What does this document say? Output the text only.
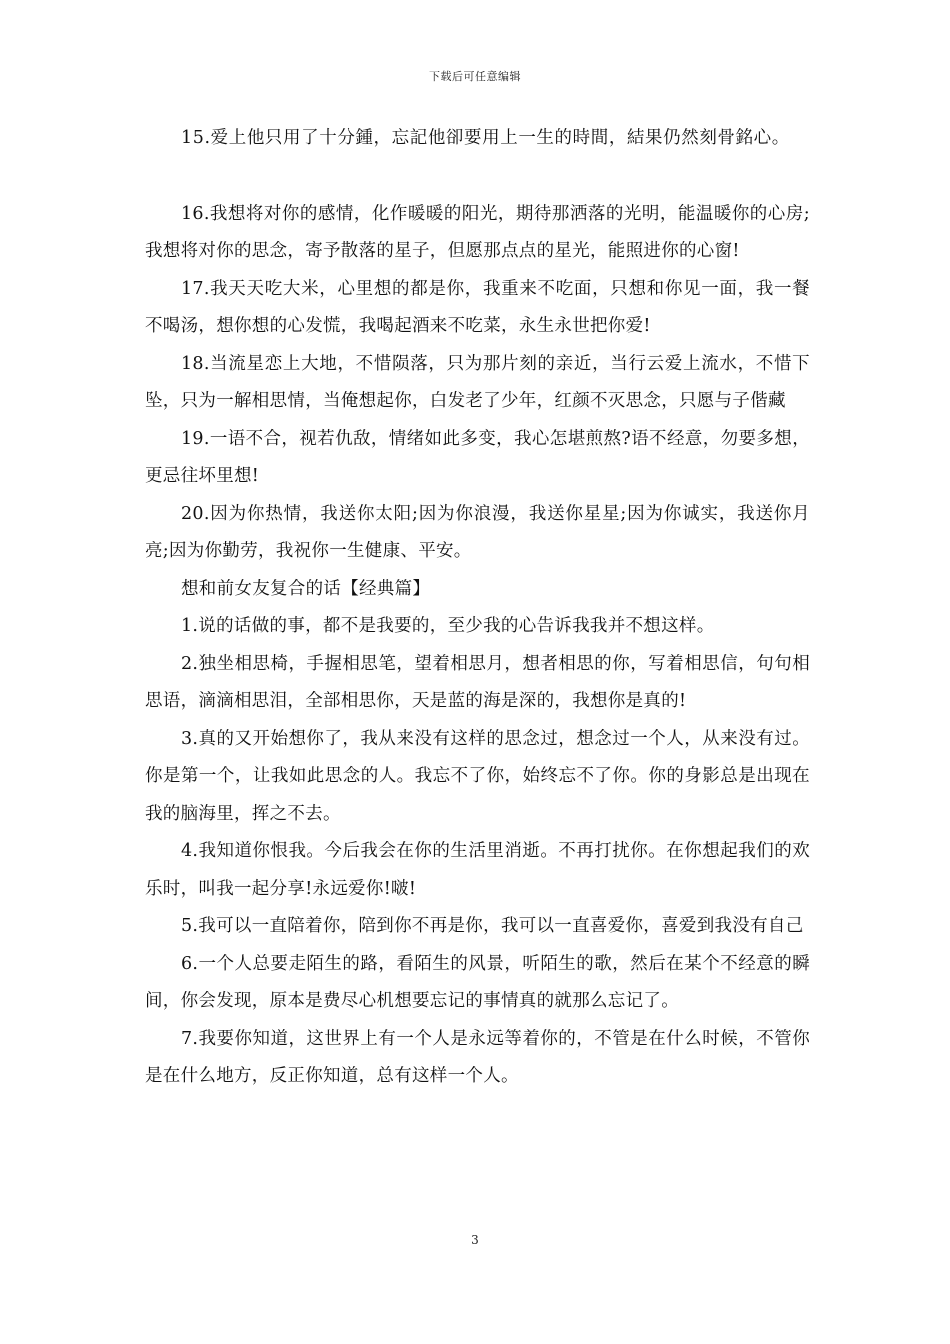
下载后可任意编辑

15.爱上他只用了十分鍾，忘記他卻要用上一生的時間，結果仍然刻骨銘心。

16.我想将对你的感情，化作暖暖的阳光，期待那洒落的光明，能温暖你的心房;我想将对你的思念，寄予散落的星子，但愿那点点的星光，能照进你的心窗!

17.我天天吃大米，心里想的都是你，我重来不吃面，只想和你见一面，我一餐不喝汤，想你想的心发慌，我喝起酒来不吃菜，永生永世把你爱!

18.当流星恋上大地，不惜陨落，只为那片刻的亲近，当行云爱上流水，不惜下坠，只为一解相思情，当俺想起你，白发老了少年，红颜不灭思念，只愿与子偕藏

19.一语不合，视若仇敌，情绪如此多变，我心怎堪煎熬?语不经意，勿要多想，更忌往坏里想!

20.因为你热情，我送你太阳;因为你浪漫，我送你星星;因为你诚实，我送你月亮;因为你勤劳，我祝你一生健康、平安。

想和前女友复合的话【经典篇】

1.说的话做的事，都不是我要的，至少我的心告诉我我并不想这样。

2.独坐相思椅，手握相思笔，望着相思月，想者相思的你，写着相思信，句句相思语，滴滴相思泪，全部相思你，天是蓝的海是深的，我想你是真的!

3.真的又开始想你了，我从来没有这样的思念过，想念过一个人，从来没有过。你是第一个，让我如此思念的人。我忘不了你，始终忘不了你。你的身影总是出现在我的脑海里，挥之不去。

4.我知道你恨我。今后我会在你的生活里消逝。不再打扰你。在你想起我们的欢乐时，叫我一起分享!永远爱你!啵!

5.我可以一直陪着你，陪到你不再是你，我可以一直喜爱你，喜爱到我没有自己

6.一个人总要走陌生的路，看陌生的风景，听陌生的歌，然后在某个不经意的瞬间，你会发现，原本是费尽心机想要忘记的事情真的就那么忘记了。

7.我要你知道，这世界上有一个人是永远等着你的，不管是在什么时候，不管你是在什么地方，反正你知道，总有这样一个人。

3
